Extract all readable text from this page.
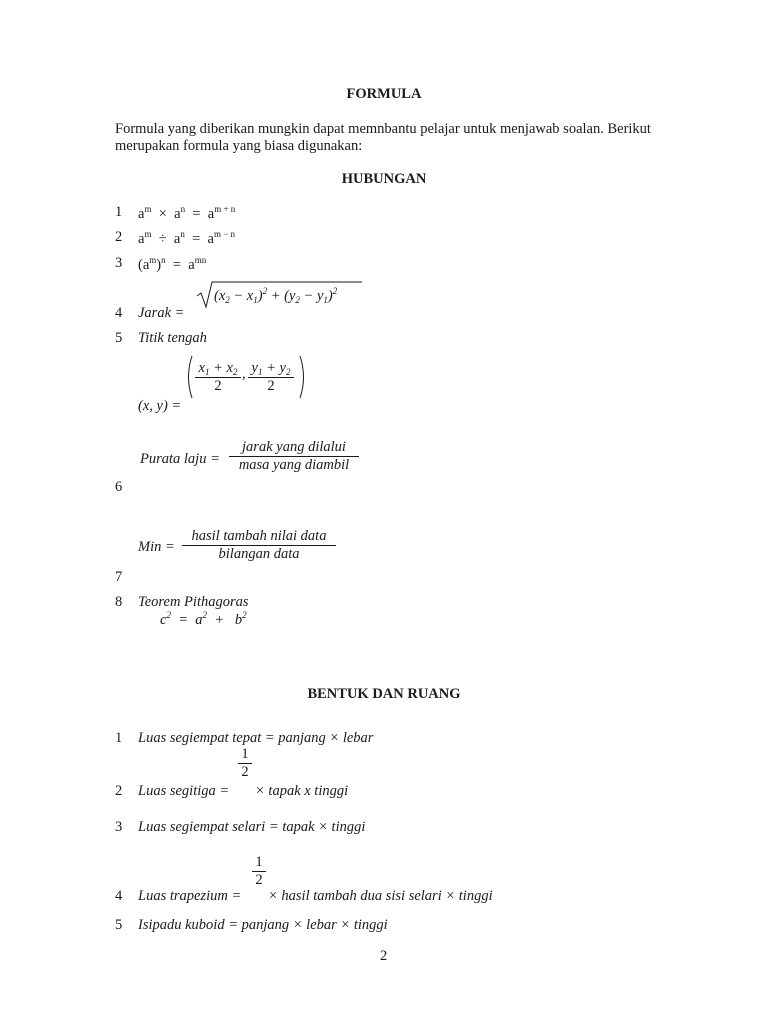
FORMULA
Formula yang diberikan mungkin dapat memnbantu pelajar untuk menjawab soalan. Berikut
merupakan formula yang biasa digunakan:
HUBUNGAN
1 $a^m \times a^n = a^{m + n}$
2 $a^m \div a^n = a^{m - n}$
3 $(a^m)^n = a^{mn}$
$(x_2 - x_1)^2 + (y_2 - y_1)^2$
4 Jarak =
5 Titik tengah
$x_1 + x_2$
2
, $y_1 + y_2$
2
(x, y) =
Purata laju =
jarak yang dilalui
masa yang diambil
6
Min =
hasil tambah nilai data
bilangan data
7
8 Teorem Pithagoras
$c^2 = a^2 + b^2$
BENTUK DAN RUANG
1 Luas segiempat tepat = panjang × lebar
1
2
2 Luas segitiga = × tapak x tinggi
3 Luas segiempat selari = tapak × tinggi
1
2
4 Luas trapezium = × hasil tambah dua sisi selari × tinggi
5 Isipadu kuboid = panjang × lebar × tinggi
2
